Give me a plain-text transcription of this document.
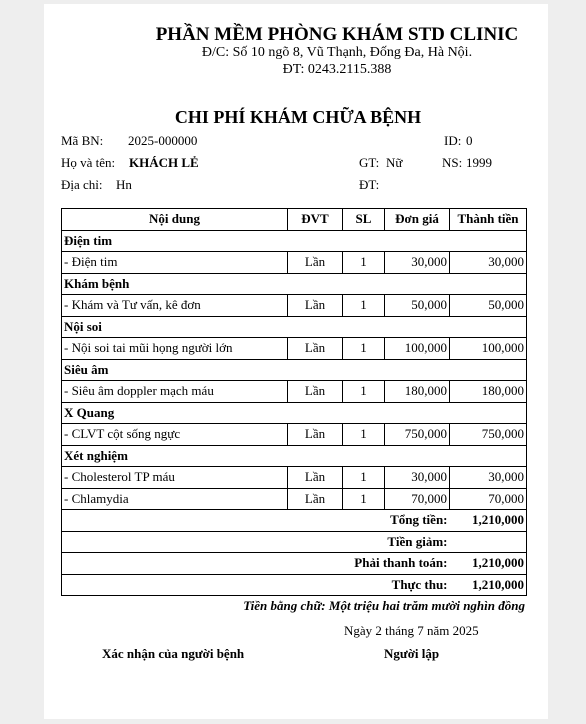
PHẦN MỀM PHÒNG KHÁM STD CLINIC
Đ/C: Số 10 ngõ 8, Vũ Thạnh, Đống Đa, Hà Nội.
ĐT: 0243.2115.388
CHI PHÍ KHÁM CHỮA BỆNH
Mã BN: 2025-000000	ID: 0
Họ và tên: KHÁCH LẺ	GT: Nữ	NS: 1999
Địa chỉ: Hn	ĐT:
Nội dung	ĐVT	SL	Đơn giá	Thành tiền
Điện tim				
- Điện tim	Lần	1	30,000	30,000
Khám bệnh				
- Khám và Tư vấn, kê đơn	Lần	1	50,000	50,000
Nội soi				
- Nội soi tai mũi họng người lớn	Lần	1	100,000	100,000
Siêu âm				
- Siêu âm doppler mạch máu	Lần	1	180,000	180,000
X Quang				
- CLVT cột sống ngực	Lần	1	750,000	750,000
Xét nghiệm				
- Cholesterol TP máu	Lần	1	30,000	30,000
- Chlamydia	Lần	1	70,000	70,000
Tổng tiền:				1,210,000
Tiền giảm:				
Phải thanh toán:				1,210,000
Thực thu:				1,210,000
Tiền bằng chữ: Một triệu hai trăm mười nghìn đồng
Ngày 2 tháng 7 năm 2025
Xác nhận của người bệnh	Người lập
